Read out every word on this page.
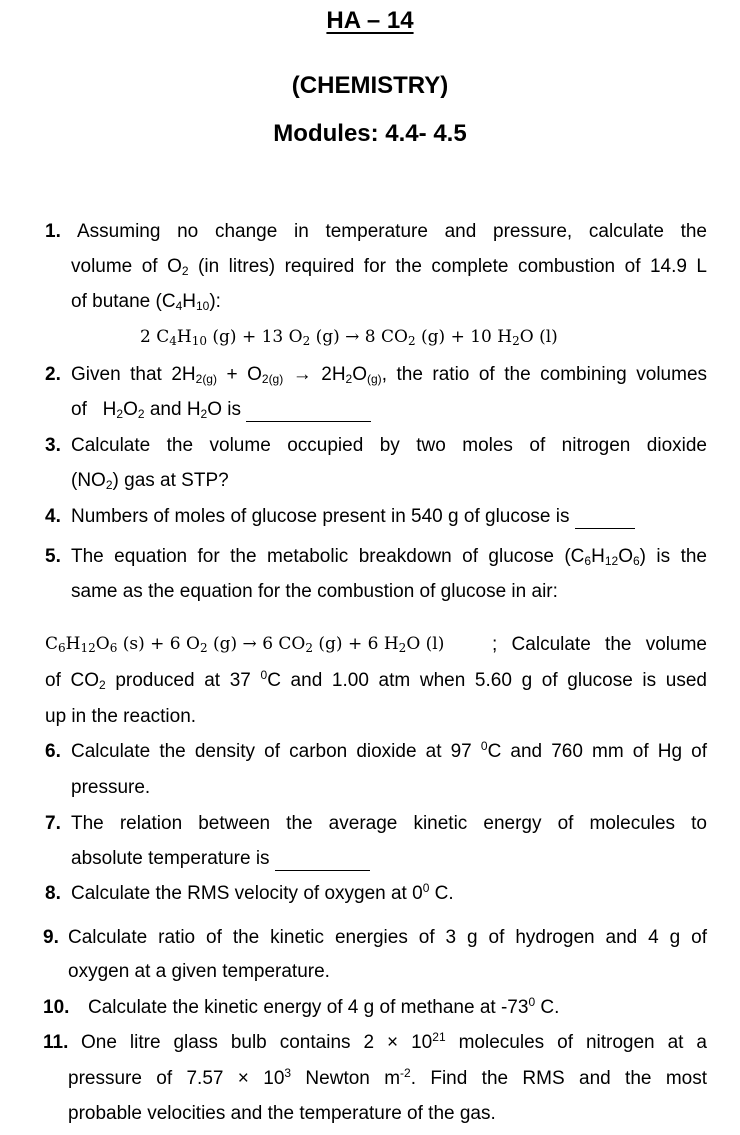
HA – 14
(CHEMISTRY)
Modules: 4.4- 4.5
1. Assuming no change in temperature and pressure, calculate the
volume of $O_2$ (in litres) required for the complete combustion of 14.9 L
of butane $(C_4H_{10})$:
2 $C_4H_{10}$ (g) + 13 $O_2$ (g) → 8 $CO_2$ (g) + 10 $H_2O$ (l)
2. Given that $2H_{2(g)} + O_{2(g)} \to 2H_2O_{(g)}$, the ratio of the combining volumes
of   $H_2O_2$ and $H_2O$ is
3. Calculate the volume occupied by two moles of nitrogen dioxide
$(NO_2)$ gas at STP?
4. Numbers of moles of glucose present in 540 g of glucose is
5. The equation for the metabolic breakdown of glucose $(C_6H_{12}O_6)$ is the
same as the equation for the combustion of glucose in air:
$C_6H_{12}O_6$ (s) + 6 $O_2$ (g) → 6 $CO_2$ (g) + 6 $H_2O$ (l)	; Calculate the volume
of $CO_2$ produced at 37 $^0$C and 1.00 atm when 5.60 g of glucose is used
up in the reaction.
6. Calculate the density of carbon dioxide at 97 $^0$C and 760 mm of Hg of
pressure.
7. The relation between the average kinetic energy of molecules to
absolute temperature is
8. Calculate the RMS velocity of oxygen at $0^0$ C.
9. Calculate ratio of the kinetic energies of 3 g of hydrogen and 4 g of
oxygen at a given temperature.
10. Calculate the kinetic energy of 4 g of methane at $-73^0$ C.
11. One litre glass bulb contains $2 \times 10^{21}$ molecules of nitrogen at a
pressure of $7.57 \times 10^3$ Newton $m^{-2}$. Find the RMS and the most
probable velocities and the temperature of the gas.
